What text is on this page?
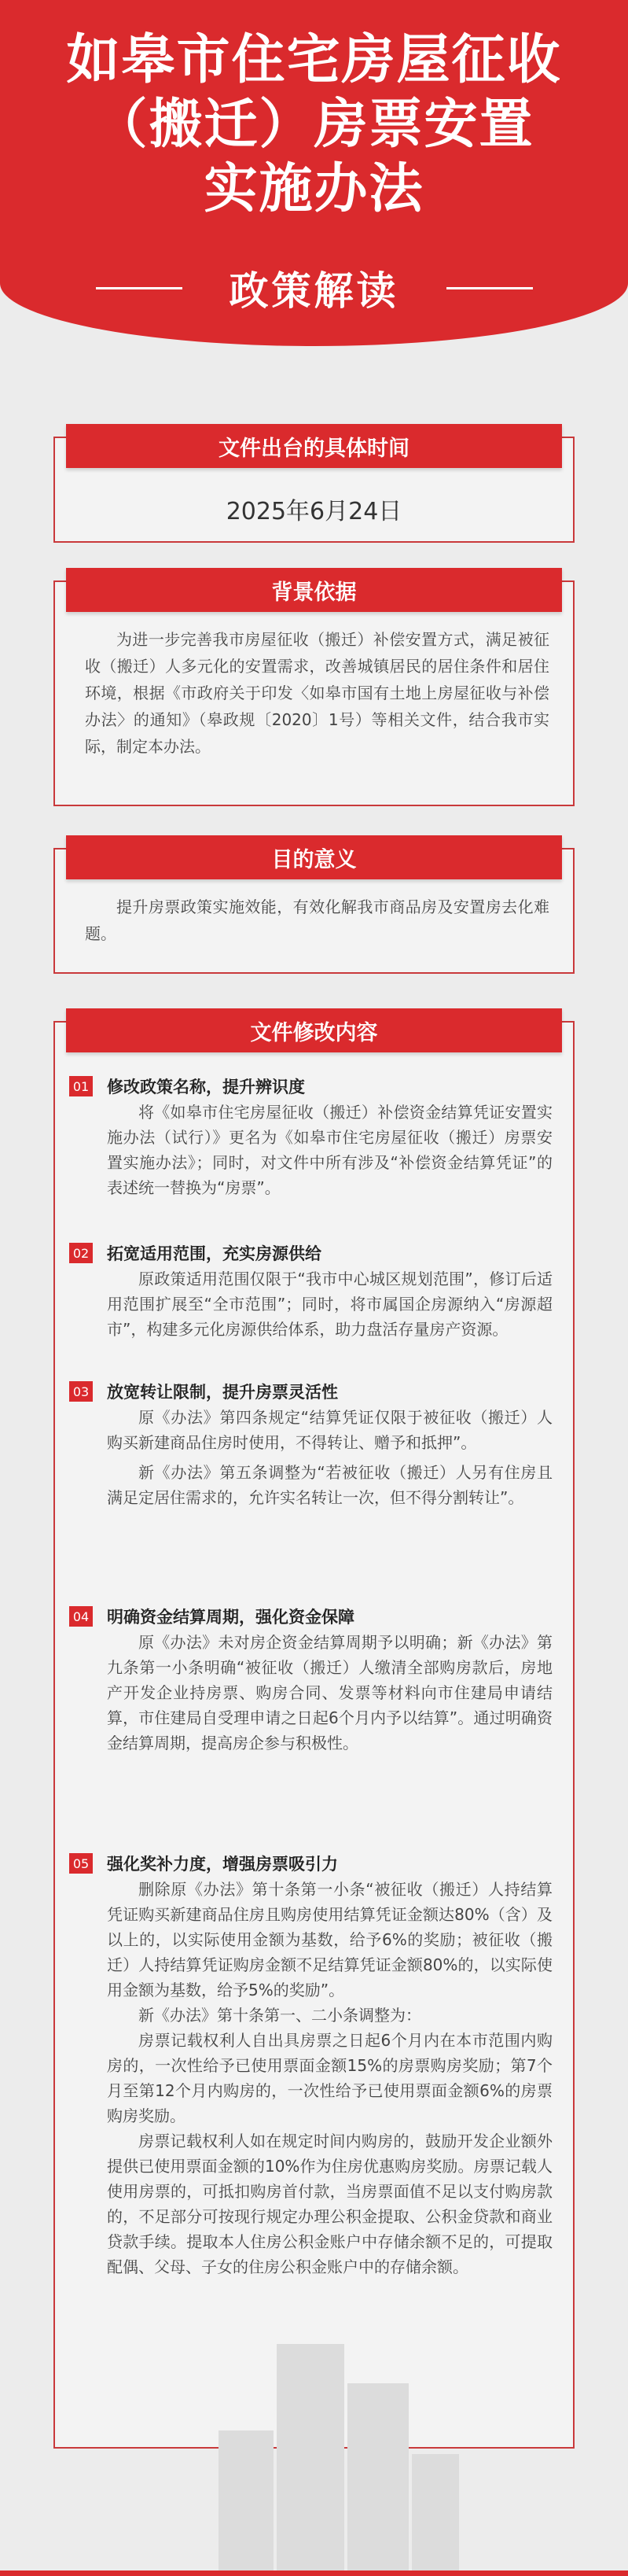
如皋市住宅房屋征收
（搬迁）房票安置
实施办法
政策解读
文件出台的具体时间
2025年6月24日
背景依据
为进一步完善我市房屋征收（搬迁）补偿安置方式，满足被征收（搬迁）人多元化的安置需求，改善城镇居民的居住条件和居住环境，根据《市政府关于印发〈如皋市国有土地上房屋征收与补偿办法〉的通知》（皋政规〔2020〕1号）等相关文件，结合我市实际，制定本办法。
目的意义
提升房票政策实施效能，有效化解我市商品房及安置房去化难题。
文件修改内容
01 修改政策名称，提升辨识度

将《如皋市住宅房屋征收（搬迁）补偿资金结算凭证安置实施办法（试行）》更名为《如皋市住宅房屋征收（搬迁）房票安置实施办法》；同时，对文件中所有涉及“补偿资金结算凭证”的表述统一替换为“房票”。

02 拓宽适用范围，充实房源供给

原政策适用范围仅限于“我市中心城区规划范围”，修订后适用范围扩展至“全市范围”；同时，将市属国企房源纳入“房源超市”，构建多元化房源供给体系，助力盘活存量房产资源。

03 放宽转让限制，提升房票灵活性

原《办法》第四条规定“结算凭证仅限于被征收（搬迁）人购买新建商品住房时使用，不得转让、赠予和抵押”。

新《办法》第五条调整为“若被征收（搬迁）人另有住房且满足定居住需求的，允许实名转让一次，但不得分割转让”。

04 明确资金结算周期，强化资金保障

原《办法》未对房企资金结算周期予以明确；新《办法》第九条第一小条明确“被征收（搬迁）人缴清全部购房款后，房地产开发企业持房票、购房合同、发票等材料向市住建局申请结算，市住建局自受理申请之日起6个月内予以结算”。通过明确资金结算周期，提高房企参与积极性。

05 强化奖补力度，增强房票吸引力

删除原《办法》第十条第一小条“被征收（搬迁）人持结算凭证购买新建商品住房且购房使用结算凭证金额达80%（含）及以上的，以实际使用金额为基数，给予6%的奖励；被征收（搬迁）人持结算凭证购房金额不足结算凭证金额80%的，以实际使用金额为基数，给予5%的奖励”。

新《办法》第十条第一、二小条调整为：

房票记载权利人自出具房票之日起6个月内在本市范围内购房的，一次性给予已使用票面金额15%的房票购房奖励；第7个月至第12个月内购房的，一次性给予已使用票面金额6%的房票购房奖励。

房票记载权利人如在规定时间内购房的，鼓励开发企业额外提供已使用票面金额的10%作为住房优惠购房奖励。房票记载人使用房票的，可抵扣购房首付款，当房票面值不足以支付购房款的，不足部分可按现行规定办理公积金提取、公积金贷款和商业贷款手续。提取本人住房公积金账户中存储余额不足的，可提取配偶、父母、子女的住房公积金账户中的存储余额。
